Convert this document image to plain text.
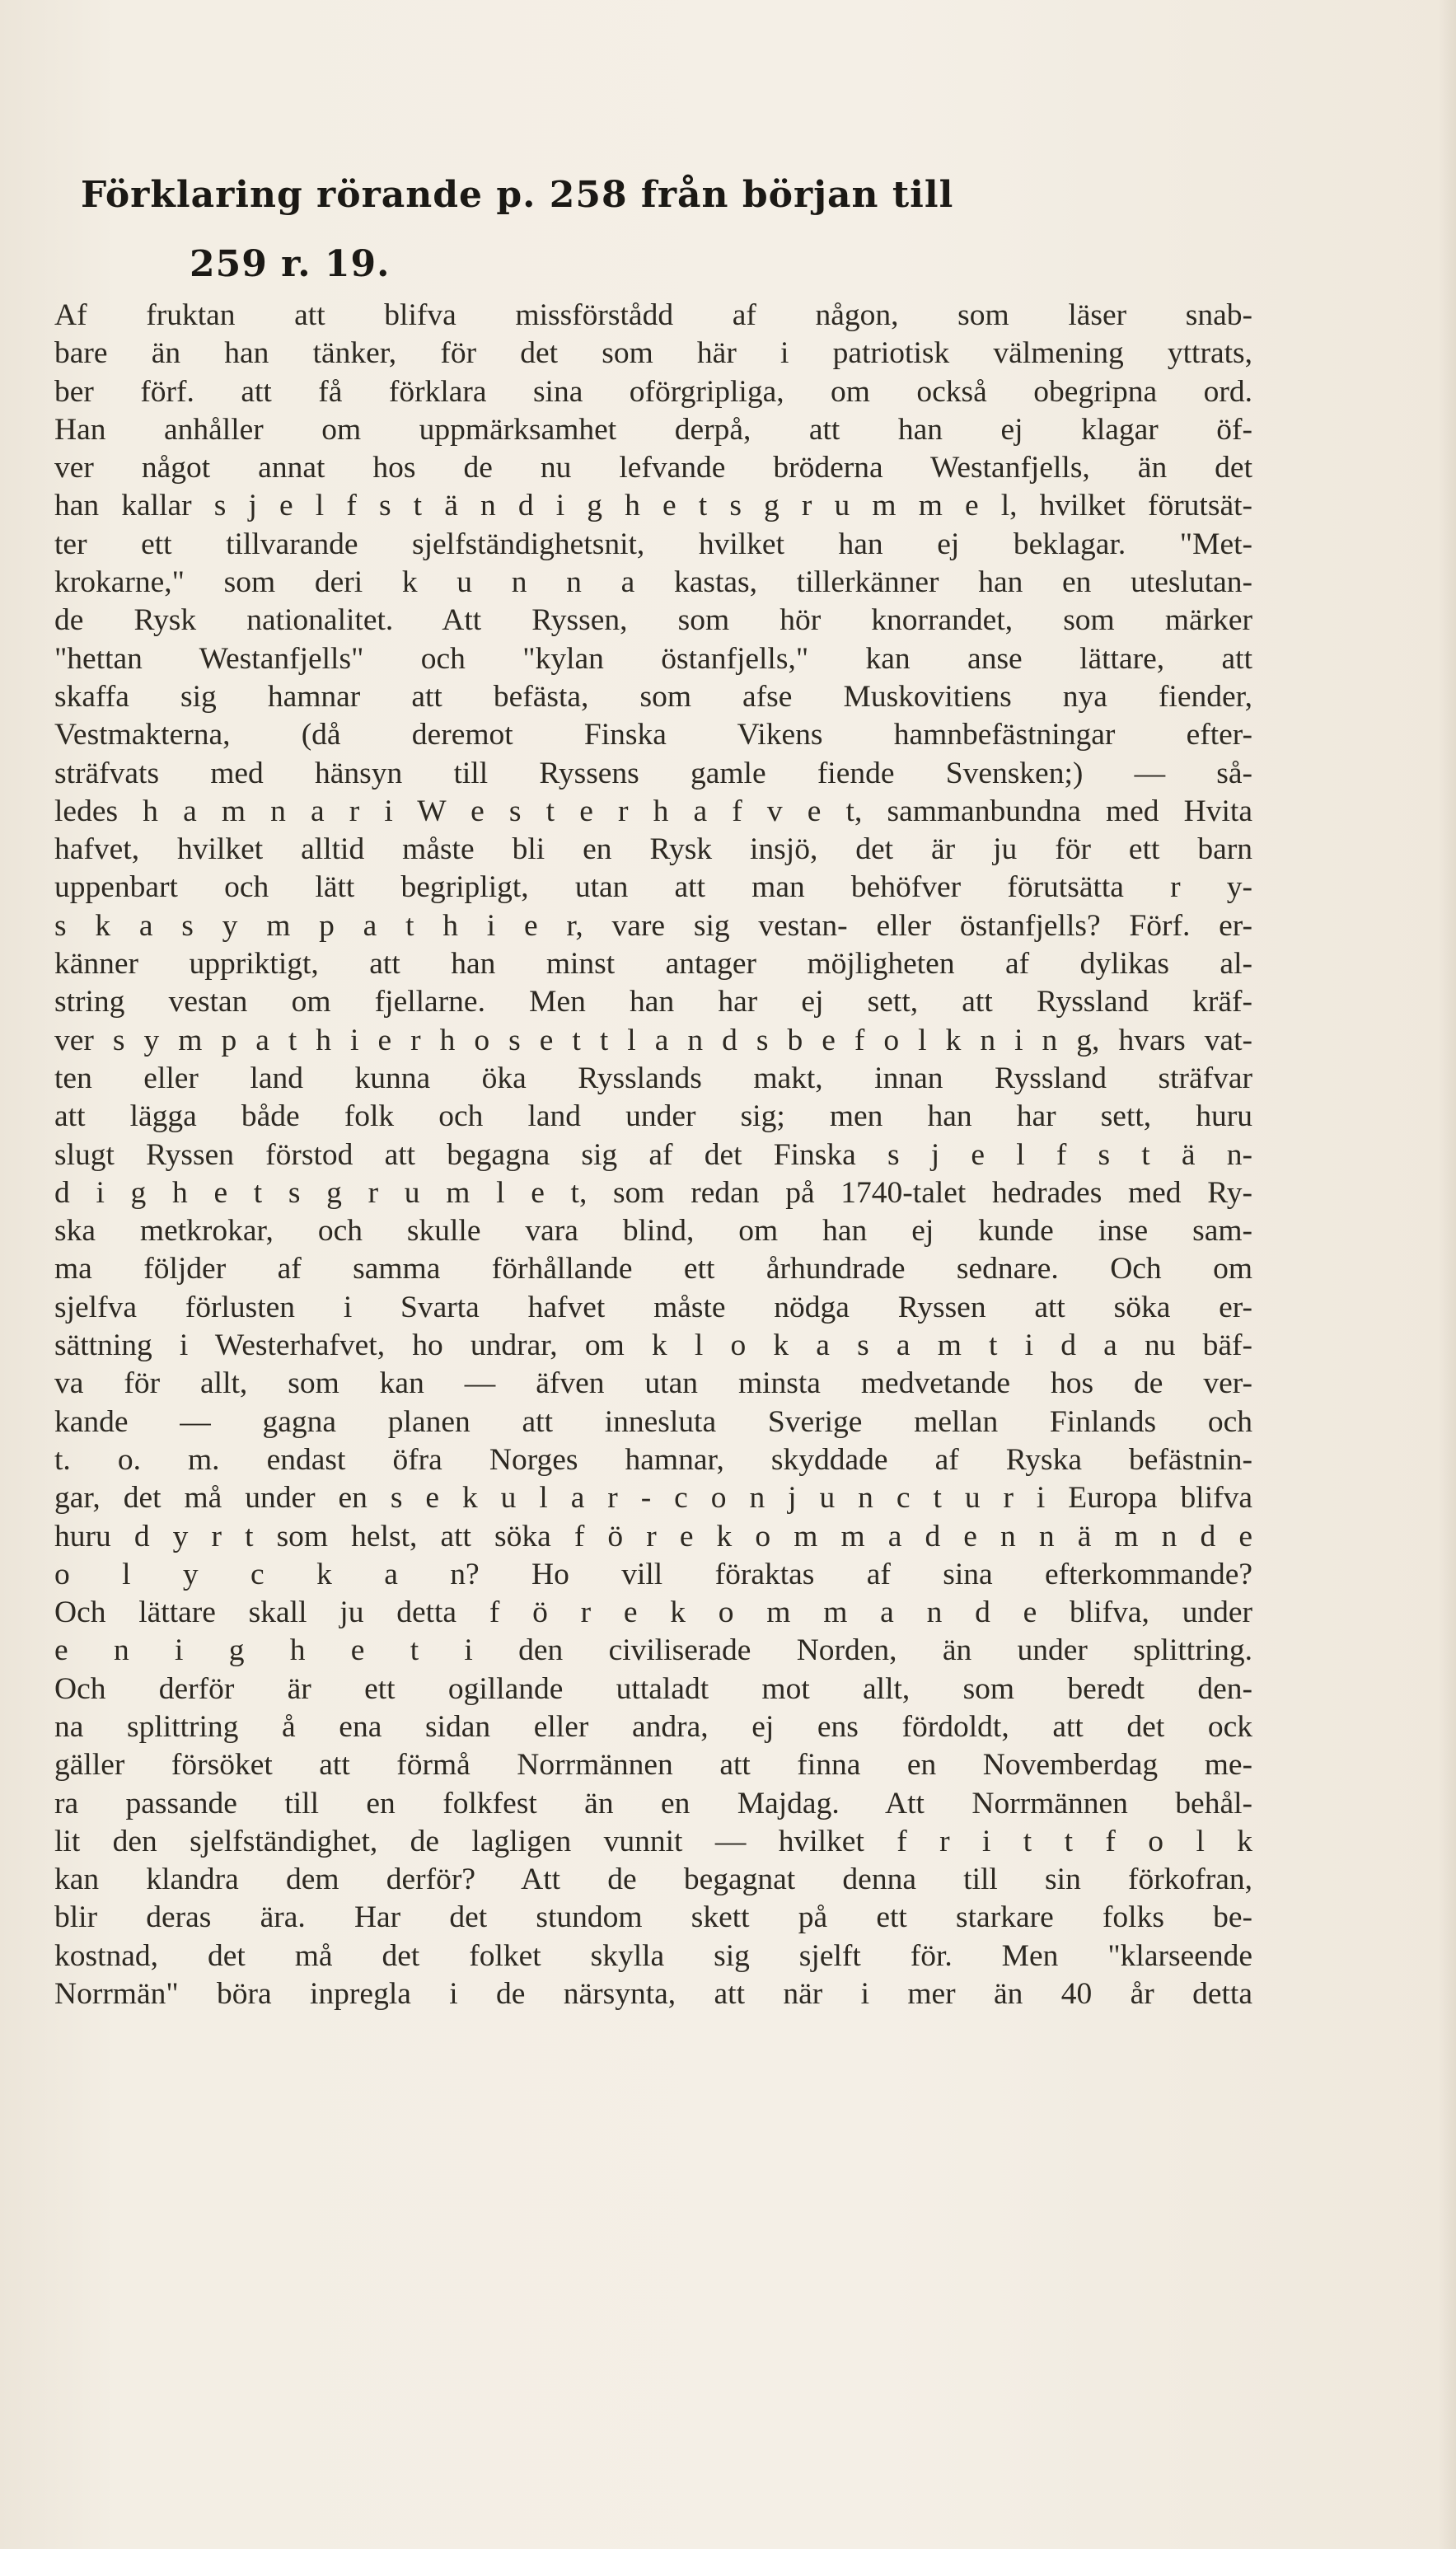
Förklaring rörande p. 258 från början till
259 r. 19.
Af fruktan att blifva missförstådd af någon, som läser snab-
bare än han tänker, för det som här i patriotisk välmening yttrats,
ber förf. att få förklara sina oförgripliga, om också obegripna ord.
Han anhåller om uppmärksamhet derpå, att han ej klagar öf-
ver något annat hos de nu lefvande bröderna Westanfjells, än det
han kallar s j e l f s t ä n d i g h e t s g r u m m e l, hvilket förutsät-
ter ett tillvarande sjelfständighetsnit, hvilket han ej beklagar. "Met-
krokarne," som deri k u n n a kastas, tillerkänner han en uteslutan-
de Rysk nationalitet. Att Ryssen, som hör knorrandet, som märker
"hettan Westanfjells" och "kylan östanfjells," kan anse lättare, att
skaffa sig hamnar att befästa, som afse Muskovitiens nya fiender,
Vestmakterna, (då deremot Finska Vikens hamnbefästningar efter-
sträfvats med hänsyn till Ryssens gamle fiende Svensken;) — så-
ledes h a m n a r i W e s t e r h a f v e t, sammanbundna med Hvita
hafvet, hvilket alltid måste bli en Rysk insjö, det är ju för ett barn
uppenbart och lätt begripligt, utan att man behöfver förutsätta r y-
s k a s y m p a t h i e r, vare sig vestan- eller östanfjells? Förf. er-
känner uppriktigt, att han minst antager möjligheten af dylikas al-
string vestan om fjellarne. Men han har ej sett, att Ryssland kräf-
ver s y m p a t h i e r h o s e t t l a n d s b e f o l k n i n g, hvars vat-
ten eller land kunna öka Rysslands makt, innan Ryssland sträfvar
att lägga både folk och land under sig; men han har sett, huru
slugt Ryssen förstod att begagna sig af det Finska s j e l f s t ä n-
d i g h e t s g r u m l e t, som redan på 1740-talet hedrades med Ry-
ska metkrokar, och skulle vara blind, om han ej kunde inse sam-
ma följder af samma förhållande ett århundrade sednare. Och om
sjelfva förlusten i Svarta hafvet måste nödga Ryssen att söka er-
sättning i Westerhafvet, ho undrar, om k l o k a s a m t i d a nu bäf-
va för allt, som kan — äfven utan minsta medvetande hos de ver-
kande — gagna planen att innesluta Sverige mellan Finlands och
t. o. m. endast öfra Norges hamnar, skyddade af Ryska befästnin-
gar, det må under en s e k u l a r - c o n j u n c t u r i Europa blifva
huru d y r t som helst, att söka f ö r e k o m m a d e n n ä m n d e
o l y c k a n? Ho vill föraktas af sina efterkommande?
Och lättare skall ju detta f ö r e k o m m a n d e blifva, under
e n i g h e t i den civiliserade Norden, än under splittring.
Och derför är ett ogillande uttaladt mot allt, som beredt den-
na splittring å ena sidan eller andra, ej ens fördoldt, att det ock
gäller försöket att förmå Norrmännen att finna en Novemberdag me-
ra passande till en folkfest än en Majdag. Att Norrmännen behål-
lit den sjelfständighet, de lagligen vunnit — hvilket f r i t t f o l k
kan klandra dem derför? Att de begagnat denna till sin förkofran,
blir deras ära. Har det stundom skett på ett starkare folks be-
kostnad, det må det folket skylla sig sjelft för. Men "klarseende
Norrmän" böra inpregla i de närsynta, att när i mer än 40 år detta
